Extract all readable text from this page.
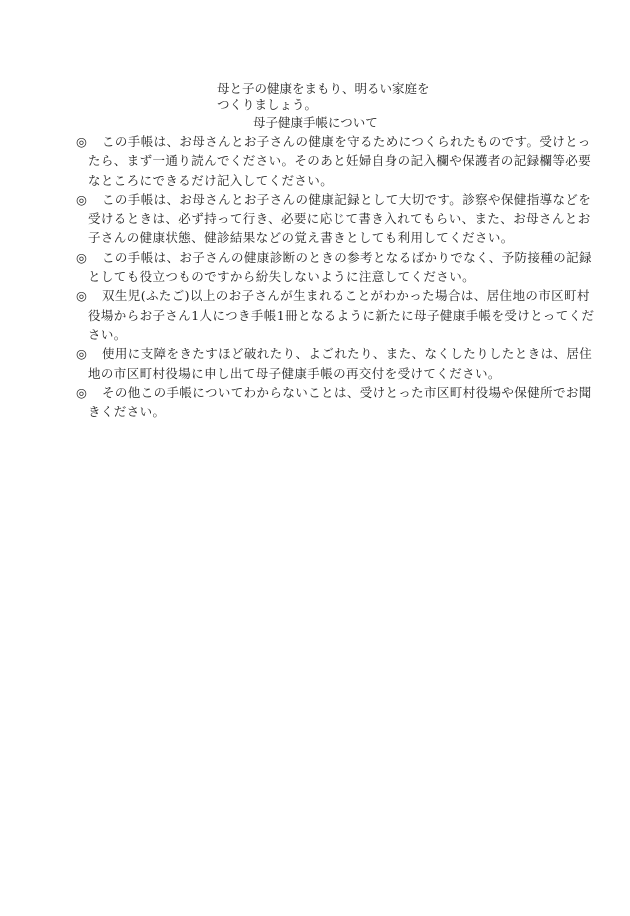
母と子の健康をまもり、明るい家庭を
つくりましょう。
母子健康手帳について
◎	この手帳は、お母さんとお子さんの健康を守るためにつくられたものです。受けとっ
たら、まず一通り読んでください。そのあと妊婦自身の記入欄や保護者の記録欄等必要
なところにできるだけ記入してください。
◎	この手帳は、お母さんとお子さんの健康記録として大切です。診察や保健指導などを
受けるときは、必ず持って行き、必要に応じて書き入れてもらい、また、お母さんとお
子さんの健康状態、健診結果などの覚え書きとしても利用してください。
◎	この手帳は、お子さんの健康診断のときの参考となるばかりでなく、予防接種の記録
としても役立つものですから紛失しないように注意してください。
◎	双生児(ふたご)以上のお子さんが生まれることがわかった場合は、居住地の市区町村
役場からお子さん1人につき手帳1冊となるように新たに母子健康手帳を受けとってくだ
さい。
◎	使用に支障をきたすほど破れたり、よごれたり、また、なくしたりしたときは、居住
地の市区町村役場に申し出て母子健康手帳の再交付を受けてください。
◎	その他この手帳についてわからないことは、受けとった市区町村役場や保健所でお聞
きください。
